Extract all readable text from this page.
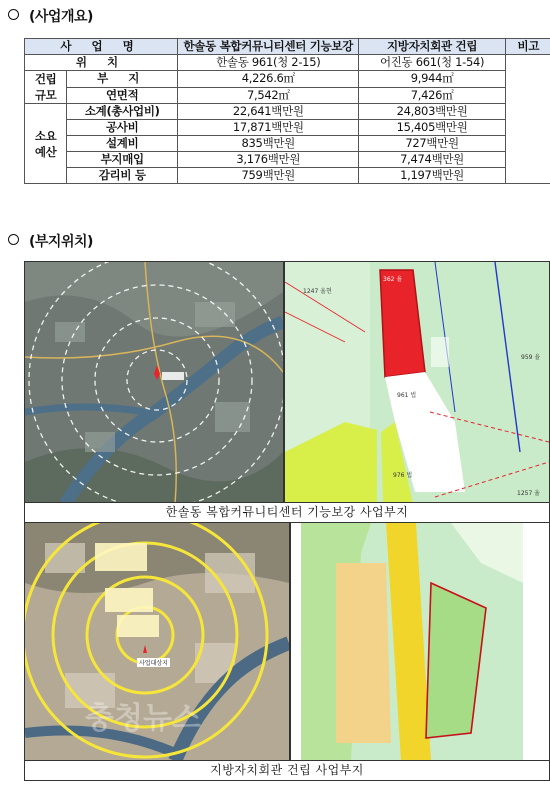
(사업개요)
사 업 명		한솔동 복합커뮤니티센터 기능보강	지방자치회관 건립	비고
위 치		한솔동 961(청 2-15)	어진동 661(청 1-54)	
건립
규모	부 지	4,226.6㎡	9,944㎡	
	연면적	7,542㎡	7,426㎡	
소요
예산	소계(총사업비)	22,641백만원	24,803백만원	
	공사비	17,871백만원	15,405백만원	
	설계비	835백만원	727백만원	
	부지매입	3,176백만원	7,474백만원	
	감리비 등	759백만원	1,197백만원	
(부지위치)
1247 율현
362 율
961 법
959 율
976 법
1257 율
한솔동 복합커뮤니티센터 기능보강 사업부지
사업대상지
충청뉴스
지방자치회관 건립 사업부지
